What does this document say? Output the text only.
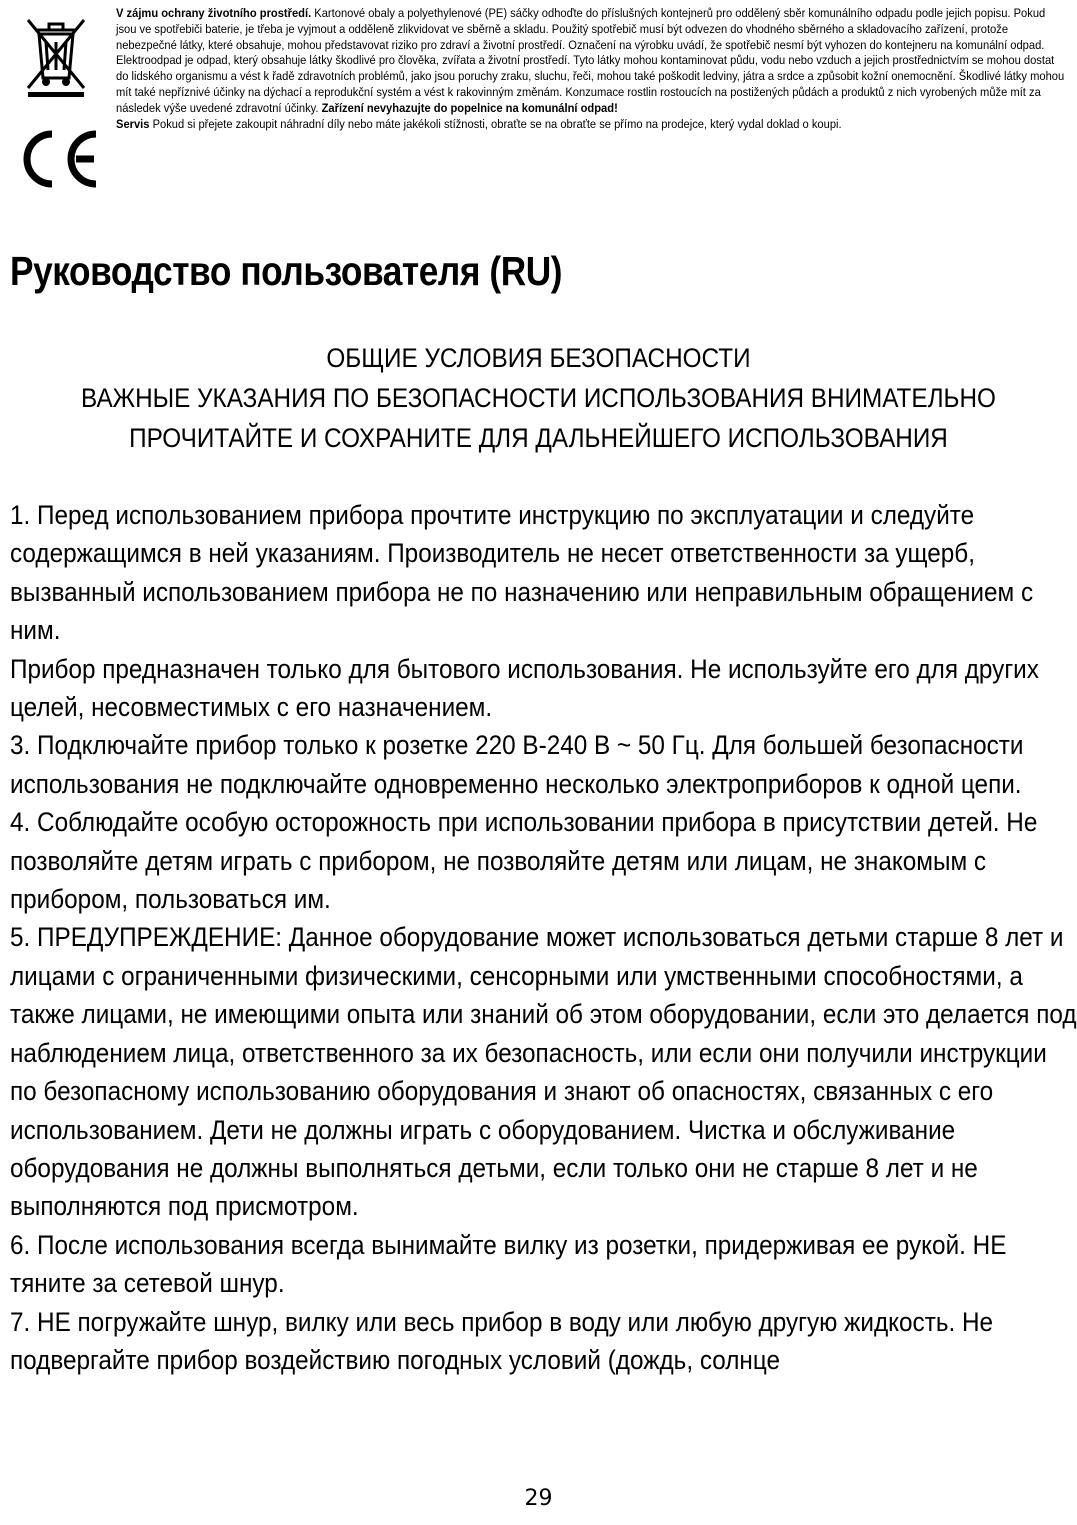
V zájmu ochrany životního prostředí. Kartonové obaly a polyethylenové (PE) sáčky odhoďte do příslušných kontejnerů pro oddělený sběr komunálního odpadu podle jejich popisu. Pokud jsou ve spotřebiči baterie, je třeba je vyjmout a odděleně zlikvidovat ve sběrně a skladu. Použitý spotřebič musí být odvezen do vhodného sběrného a skladovacího zařízení, protože nebezpečné látky, které obsahuje, mohou představovat riziko pro zdraví a životní prostředí. Označení na výrobku uvádí, že spotřebič nesmí být vyhozen do kontejneru na komunální odpad. Elektroodpad je odpad, který obsahuje látky škodlivé pro člověka, zvířata a životní prostředí. Tyto látky mohou kontaminovat půdu, vodu nebo vzduch a jejich prostřednictvím se mohou dostat do lidského organismu a vést k řadě zdravotních problémů, jako jsou poruchy zraku, sluchu, řeči, mohou také poškodit ledviny, játra a srdce a způsobit kožní onemocnění. Škodlivé látky mohou mít také nepříznivé účinky na dýchací a reprodukční systém a vést k rakovinným změnám. Konzumace rostlin rostoucích na postižených půdách a produktů z nich vyrobených může mít za následek výše uvedené zdravotní účinky. Zařízení nevyhazujte do popelnice na komunální odpad!
Servis Pokud si přejete zakoupit náhradní díly nebo máte jakékoli stížnosti, obraťte se na obraťte se přímo na prodejce, který vydal doklad o koupi.
Руководство пользователя (RU)
ОБЩИЕ УСЛОВИЯ БЕЗОПАСНОСТИ
ВАЖНЫЕ УКАЗАНИЯ ПО БЕЗОПАСНОСТИ ИСПОЛЬЗОВАНИЯ ВНИМАТЕЛЬНО
ПРОЧИТАЙТЕ И СОХРАНИТЕ ДЛЯ ДАЛЬНЕЙШЕГО ИСПОЛЬЗОВАНИЯ

1. Перед использованием прибора прочтите инструкцию по эксплуатации и следуйте содержащимся в ней указаниям. Производитель не несет ответственности за ущерб, вызванный использованием прибора не по назначению или неправильным обращением с ним.

Прибор предназначен только для бытового использования. Не используйте его для других целей, несовместимых с его назначением.

3. Подключайте прибор только к розетке 220 В-240 В ~ 50 Гц. Для большей безопасности использования не подключайте одновременно несколько электроприборов к одной цепи.

4. Соблюдайте особую осторожность при использовании прибора в присутствии детей. Не позволяйте детям играть с прибором, не позволяйте детям или лицам, не знакомым с прибором, пользоваться им.

5. ПРЕДУПРЕЖДЕНИЕ: Данное оборудование может использоваться детьми старше 8 лет и лицами с ограниченными физическими, сенсорными или умственными способностями, а также лицами, не имеющими опыта или знаний об этом оборудовании, если это делается под наблюдением лица, ответственного за их безопасность, или если они получили инструкции по безопасному использованию оборудования и знают об опасностях, связанных с его использованием. Дети не должны играть с оборудованием. Чистка и обслуживание оборудования не должны выполняться детьми, если только они не старше 8 лет и не выполняются под присмотром.

6. После использования всегда вынимайте вилку из розетки, придерживая ее рукой. НЕ тяните за сетевой шнур.

7. НЕ погружайте шнур, вилку или весь прибор в воду или любую другую жидкость. Не подвергайте прибор воздействию погодных условий (дождь, солнце

29
